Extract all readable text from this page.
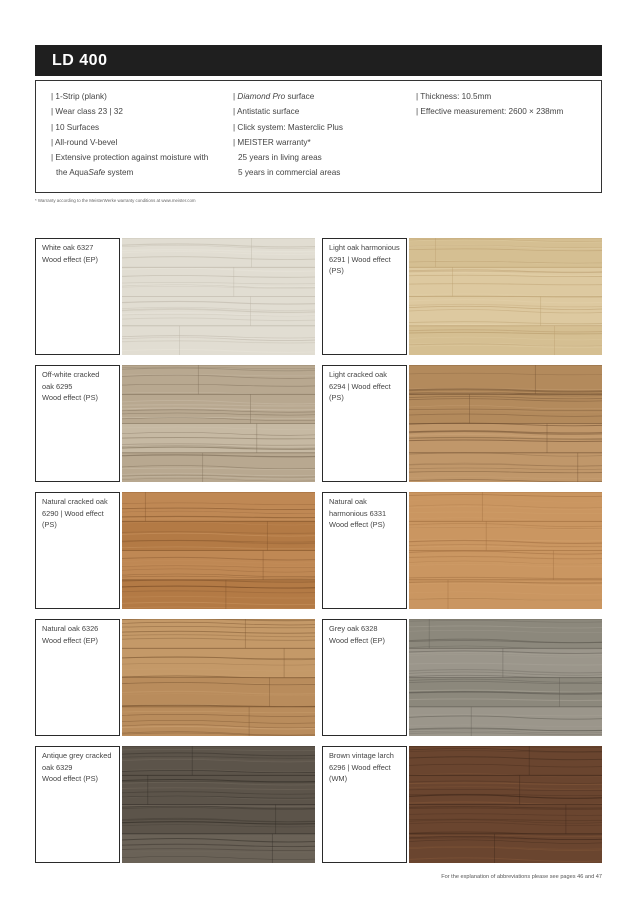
LD 400
| 1-Strip (plank)
| Wear class 23 | 32
| 10 Surfaces
| All-round V-bevel
| Extensive protection against moisture with
the AquaSafe system
| Diamond Pro surface
| Antistatic surface
| Click system: Masterclic Plus
| MEISTER warranty*
25 years in living areas
5 years in commercial areas
| Thickness: 10.5mm
| Effective measurement: 2600 × 238mm
* Warranty according to the MeisterWerke warranty conditions at www.meister.com
White oak 6327
Wood effect (EP)
Light oak harmonious
6291 | Wood effect
(PS)
Off-white cracked
oak 6295
Wood effect (PS)
Light cracked oak
6294 | Wood effect
(PS)
Natural cracked oak
6290 | Wood effect
(PS)
Natural oak
harmonious 6331
Wood effect (PS)
Natural oak 6326
Wood effect (EP)
Grey oak 6328
Wood effect (EP)
Antique grey cracked
oak 6329
Wood effect (PS)
Brown vintage larch
6296 | Wood effect
(WM)
For the explanation of abbreviations please see pages 46 and 47
